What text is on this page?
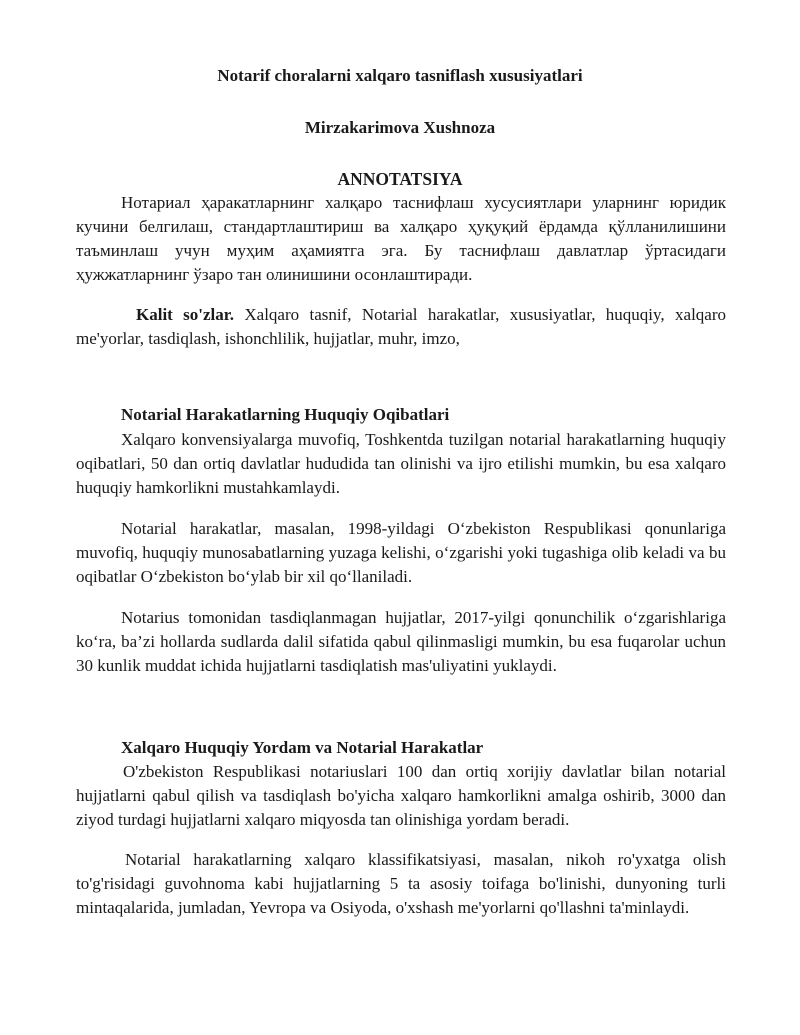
Notarif choralarni xalqaro tasniflash xususiyatlari
Mirzakarimova Xushnoza
ANNOTATSIYA

Нотариал ҳаракатларнинг халқаро таснифлаш хусусиятлари уларнинг юридик кучини белгилаш, стандартлаштириш ва халқаро ҳуқуқий ёрдамда қўлланилишини таъминлаш учун муҳим аҳамиятга эга. Бу таснифлаш давлатлар ўртасидаги ҳужжатларнинг ўзаро тан олинишини осонлаштиради.

Kalit so'zlar. Xalqaro tasnif, Notarial harakatlar, xususiyatlar, huquqiy, xalqaro me'yorlar, tasdiqlash, ishonchlilik, hujjatlar, muhr, imzo,

Notarial Harakatlarning Huquqiy Oqibatlari

Xalqaro konvensiyalarga muvofiq, Toshkentda tuzilgan notarial harakatlarning huquqiy oqibatlari, 50 dan ortiq davlatlar hududida tan olinishi va ijro etilishi mumkin, bu esa xalqaro huquqiy hamkorlikni mustahkamlaydi.

Notarial harakatlar, masalan, 1998-yildagi O‘zbekiston Respublikasi qonunlariga muvofiq, huquqiy munosabatlarning yuzaga kelishi, o‘zgarishi yoki tugashiga olib keladi va bu oqibatlar O‘zbekiston bo‘ylab bir xil qo‘llaniladi.

Notarius tomonidan tasdiqlanmagan hujjatlar, 2017-yilgi qonunchilik o‘zgarishlariga ko‘ra, ba’zi hollarda sudlarda dalil sifatida qabul qilinmasligi mumkin, bu esa fuqarolar uchun 30 kunlik muddat ichida hujjatlarni tasdiqlatish mas'uliyatini yuklaydi.

Xalqaro Huquqiy Yordam va Notarial Harakatlar

O'zbekiston Respublikasi notariuslari 100 dan ortiq xorijiy davlatlar bilan notarial hujjatlarni qabul qilish va tasdiqlash bo'yicha xalqaro hamkorlikni amalga oshirib, 3000 dan ziyod turdagi hujjatlarni xalqaro miqyosda tan olinishiga yordam beradi.

Notarial harakatlarning xalqaro klassifikatsiyasi, masalan, nikoh ro'yxatga olish to'g'risidagi guvohnoma kabi hujjatlarning 5 ta asosiy toifaga bo'linishi, dunyoning turli mintaqalarida, jumladan, Yevropa va Osiyoda, o'xshash me'yorlarni qo'llashni ta'minlaydi.
